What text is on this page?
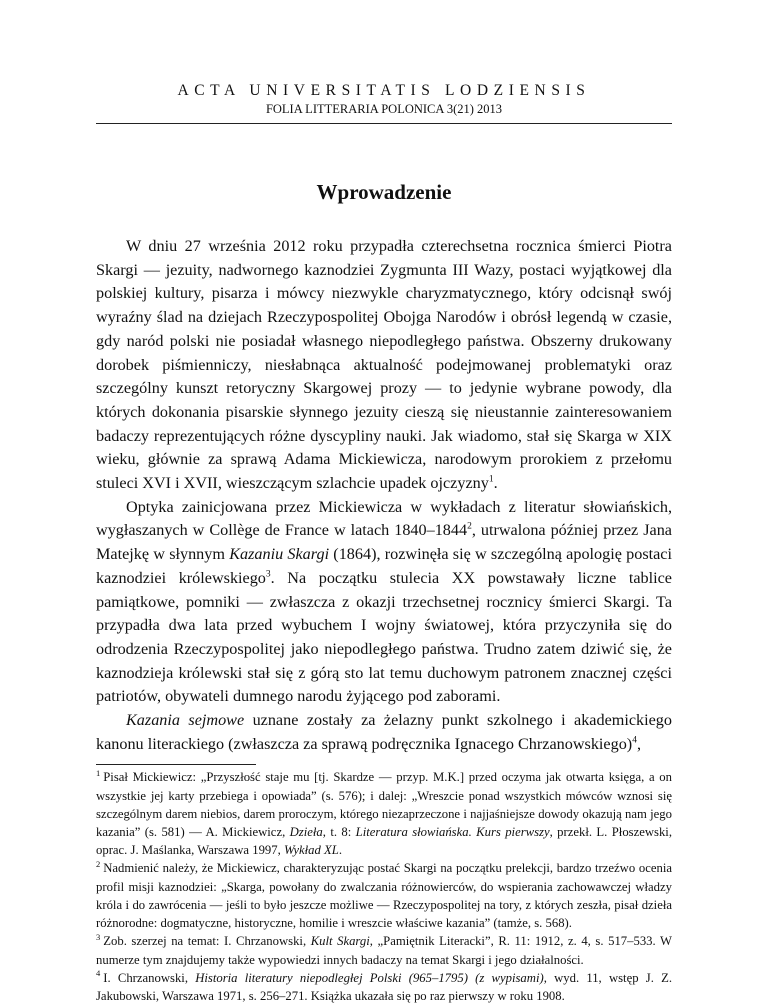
ACTA UNIVERSITATIS LODZIENSIS
FOLIA LITTERARIA POLONICA 3(21) 2013
Wprowadzenie

W dniu 27 września 2012 roku przypadła czterechsetna rocznica śmierci Piotra Skargi — jezuity, nadwornego kaznodziei Zygmunta III Wazy, postaci wyjątkowej dla polskiej kultury, pisarza i mówcy niezwykle charyzmatycznego, który odcisnął swój wyraźny ślad na dziejach Rzeczypospolitej Obojga Narodów i obrósł legendą w czasie, gdy naród polski nie posiadał własnego niepodległego państwa. Obszerny drukowany dorobek piśmienniczy, niesłabnąca aktualność podejmowanej problematyki oraz szczególny kunszt retoryczny Skargowej prozy — to jedynie wybrane powody, dla których dokonania pisarskie słynnego jezuity cieszą się nieustannie zainteresowaniem badaczy reprezentujących różne dyscypliny nauki. Jak wiadomo, stał się Skarga w XIX wieku, głównie za sprawą Adama Mickiewicza, narodowym prorokiem z przełomu stuleci XVI i XVII, wieszczącym szlachcie upadek ojczyzny$^1$.

Optyka zainicjowana przez Mickiewicza w wykładach z literatur słowiańskich, wygłaszanych w Collège de France w latach 1840–1844$^2$, utrwalona później przez Jana Matejkę w słynnym Kazaniu Skargi (1864), rozwinęła się w szczególną apologię postaci kaznodziei królewskiego$^3$. Na początku stulecia XX powstawały liczne tablice pamiątkowe, pomniki — zwłaszcza z okazji trzechsetnej rocznicy śmierci Skargi. Ta przypadła dwa lata przed wybuchem I wojny światowej, która przyczyniła się do odrodzenia Rzeczypospolitej jako niepodległego państwa. Trudno zatem dziwić się, że kaznodzieja królewski stał się z górą sto lat temu duchowym patronem znacznej części patriotów, obywateli dumnego narodu żyjącego pod zaborami.

Kazania sejmowe uznane zostały za żelazny punkt szkolnego i akademickiego kanonu literackiego (zwłaszcza za sprawą podręcznika Ignacego Chrzanowskiego)$^4$,

$^1$ Pisał Mickiewicz: „Przyszłość staje mu [tj. Skardze — przyp. M.K.] przed oczyma jak otwarta księga, a on wszystkie jej karty przebiega i opowiada” (s. 576); i dalej: „Wreszcie ponad wszystkich mówców wznosi się szczególnym darem niebios, darem proroczym, którego niezaprzeczone i najjaśniejsze dowody okazują nam jego kazania” (s. 581) — A. Mickiewicz, Dzieła, t. 8: Literatura słowiańska. Kurs pierwszy, przekł. L. Płoszewski, oprac. J. Maślanka, Warszawa 1997, Wykład XL.

$^2$ Nadmienić należy, że Mickiewicz, charakteryzując postać Skargi na początku prelekcji, bardzo trzeźwo ocenia profil misji kaznodziei: „Skarga, powołany do zwalczania różnowierców, do wspierania zachowawczej władzy króla i do zawrócenia — jeśli to było jeszcze możliwe — Rzeczypospolitej na tory, z których zeszła, pisał dzieła różnorodne: dogmatyczne, historyczne, homilie i wreszcie właściwe kazania” (tamże, s. 568).

$^3$ Zob. szerzej na temat: I. Chrzanowski, Kult Skargi, „Pamiętnik Literacki”, R. 11: 1912, z. 4, s. 517–533. W numerze tym znajdujemy także wypowiedzi innych badaczy na temat Skargi i jego działalności.

$^4$ I. Chrzanowski, Historia literatury niepodległej Polski (965–1795) (z wypisami), wyd. 11, wstęp J. Z. Jakubowski, Warszawa 1971, s. 256–271. Książka ukazała się po raz pierwszy w roku 1908.
